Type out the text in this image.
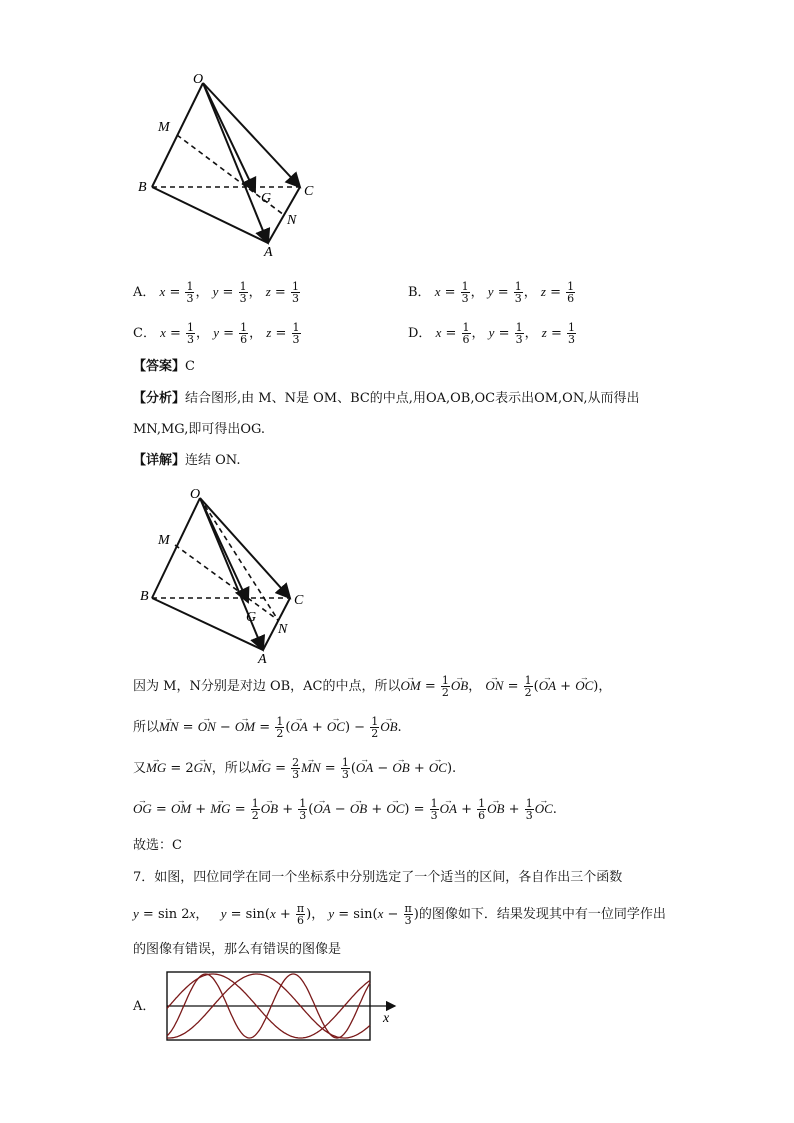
O
M
B	C
G
N
A
A． $x = \frac{1}{3}$ ， $y = \frac{1}{3}$ ， $z = \frac{1}{3}$	B． $x = \frac{1}{3}$ ， $y = \frac{1}{3}$ ， $z = \frac{1}{6}$
C． $x = \frac{1}{3}$ ， $y = \frac{1}{6}$ ， $z = \frac{1}{3}$	D． $x = \frac{1}{6}$ ， $y = \frac{1}{3}$ ， $z = \frac{1}{3}$
【答案】C
【分析】结合图形,由 M、N是 OM、BC的中点,用OA,OB,OC表示出OM,ON,从而得出
MN,MG,即可得出OG.
【详解】连结 ON.
O
M
B	C
G
N
A
因为 M，N分别是对边 OB，AC的中点，所以→ OM = $\frac{1}{2}$ → OB， → ON = $\frac{1}{2}$ (→ OA + → OC)，
所以→ MN = → ON − → OM = $\frac{1}{2}$ (→ OA + → $OC) - \frac{1}{2}$ → OB.
又→ MG = 2→ GN，所以→ MG = $\frac{2}{3}$ → MN = $\frac{1}{3}$ (→ OA − → OB + → OC).
→ OG = → OM + → MG = $\frac{1}{2}$ → OB + $\frac{1}{3}$ (→ OA − → OB + → $OC) = \frac{1}{3}$ → OA + $\frac{1}{6}$ → OB + $\frac{1}{3}$ → OC.
故选：C
7．如图，四位同学在同一个坐标系中分别选定了一个适当的区间，各自作出三个函数
y = sin 2x，   $y = \sin(x + \frac{\pi}{6}$ )， $y = \sin(x - \frac{\pi}{3}$ )的图像如下．结果发现其中有一位同学作出
的图像有错误，那么有错误的图像是
A．
x
